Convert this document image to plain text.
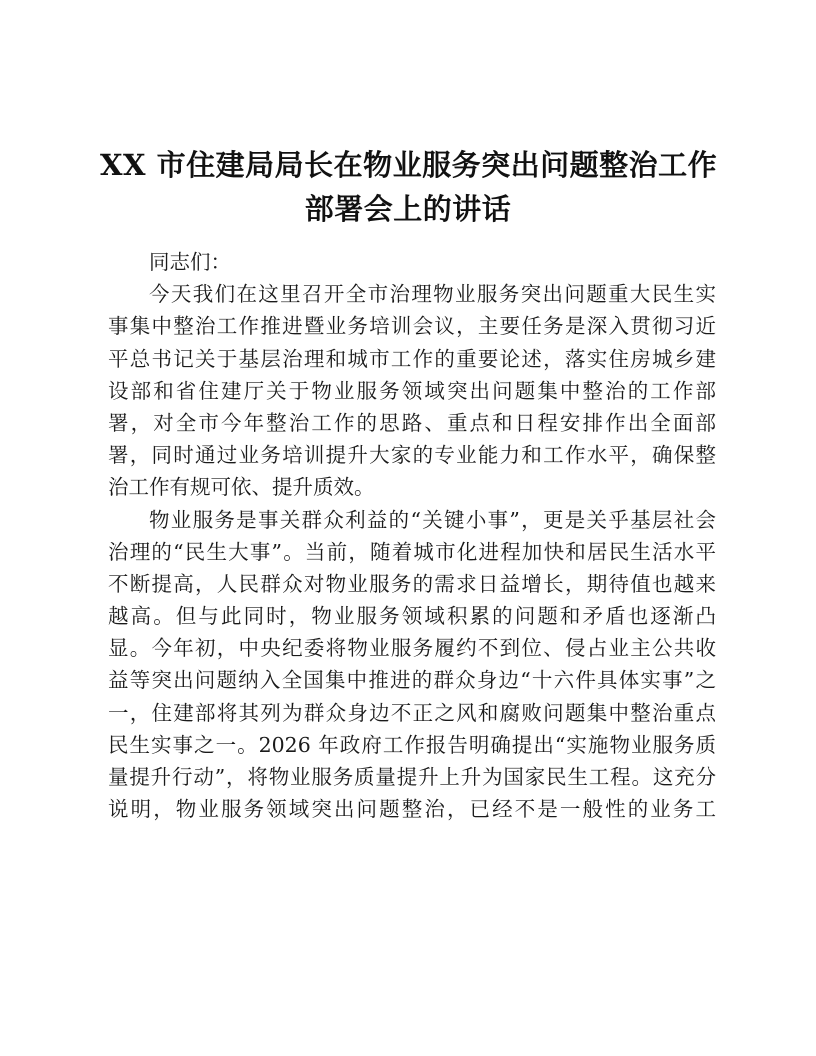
XX 市住建局局长在物业服务突出问题整治工作
部署会上的讲话
同志们：
今天我们在这里召开全市治理物业服务突出问题重大民生实
事集中整治工作推进暨业务培训会议，主要任务是深入贯彻习近
平总书记关于基层治理和城市工作的重要论述，落实住房城乡建
设部和省住建厅关于物业服务领域突出问题集中整治的工作部
署，对全市今年整治工作的思路、重点和日程安排作出全面部
署，同时通过业务培训提升大家的专业能力和工作水平，确保整
治工作有规可依、提升质效。
物业服务是事关群众利益的“关键小事”，更是关乎基层社会
治理的“民生大事”。当前，随着城市化进程加快和居民生活水平
不断提高，人民群众对物业服务的需求日益增长，期待值也越来
越高。但与此同时，物业服务领域积累的问题和矛盾也逐渐凸
显。今年初，中央纪委将物业服务履约不到位、侵占业主公共收
益等突出问题纳入全国集中推进的群众身边“十六件具体实事”之
一，住建部将其列为群众身边不正之风和腐败问题集中整治重点
民生实事之一。2026 年政府工作报告明确提出“实施物业服务质
量提升行动”，将物业服务质量提升上升为国家民生工程。这充分
说明，物业服务领域突出问题整治，已经不是一般性的业务工
